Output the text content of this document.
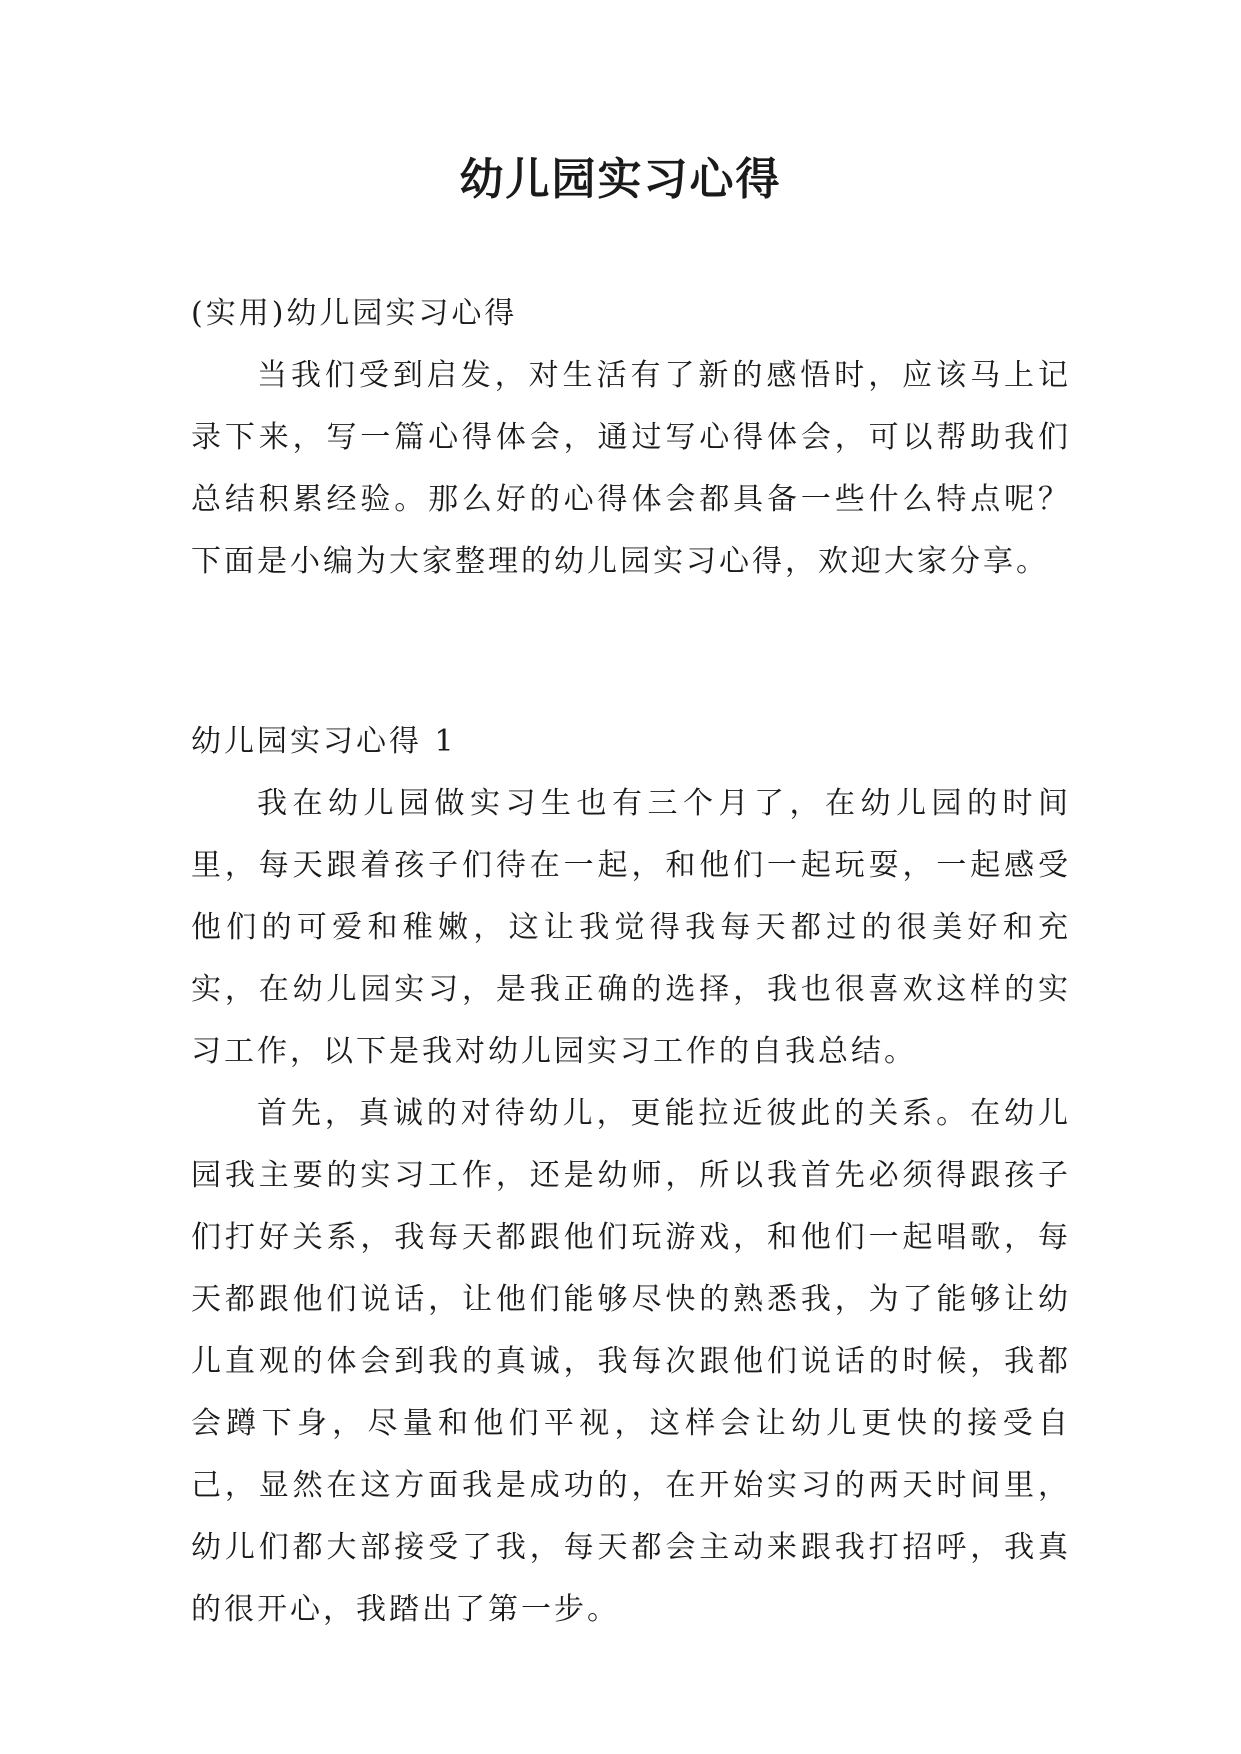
幼儿园实习心得

(实用)幼儿园实习心得

当我们受到启发，对生活有了新的感悟时，应该马上记录下来，写一篇心得体会，通过写心得体会，可以帮助我们总结积累经验。那么好的心得体会都具备一些什么特点呢？下面是小编为大家整理的幼儿园实习心得，欢迎大家分享。

幼儿园实习心得 1

我在幼儿园做实习生也有三个月了，在幼儿园的时间里，每天跟着孩子们待在一起，和他们一起玩耍，一起感受他们的可爱和稚嫩，这让我觉得我每天都过的很美好和充实，在幼儿园实习，是我正确的选择，我也很喜欢这样的实习工作，以下是我对幼儿园实习工作的自我总结。

首先，真诚的对待幼儿，更能拉近彼此的关系。在幼儿园我主要的实习工作，还是幼师，所以我首先必须得跟孩子们打好关系，我每天都跟他们玩游戏，和他们一起唱歌，每天都跟他们说话，让他们能够尽快的熟悉我，为了能够让幼儿直观的体会到我的真诚，我每次跟他们说话的时候，我都会蹲下身，尽量和他们平视，这样会让幼儿更快的接受自己，显然在这方面我是成功的，在开始实习的两天时间里，幼儿们都大部接受了我，每天都会主动来跟我打招呼，我真的很开心，我踏出了第一步。
